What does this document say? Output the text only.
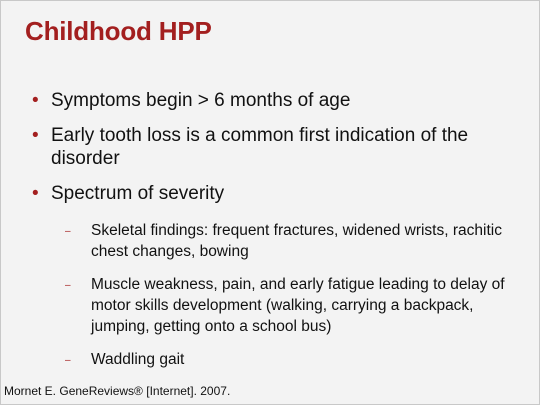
Childhood HPP
• Symptoms begin > 6 months of age
• Early tooth loss is a common first indication of the disorder
• Spectrum of severity
– Skeletal findings: frequent fractures, widened wrists, rachitic chest changes, bowing
– Muscle weakness, pain, and early fatigue leading to delay of motor skills development (walking, carrying a backpack, jumping, getting onto a school bus)
– Waddling gait

Mornet E. GeneReviews® [Internet]. 2007.
